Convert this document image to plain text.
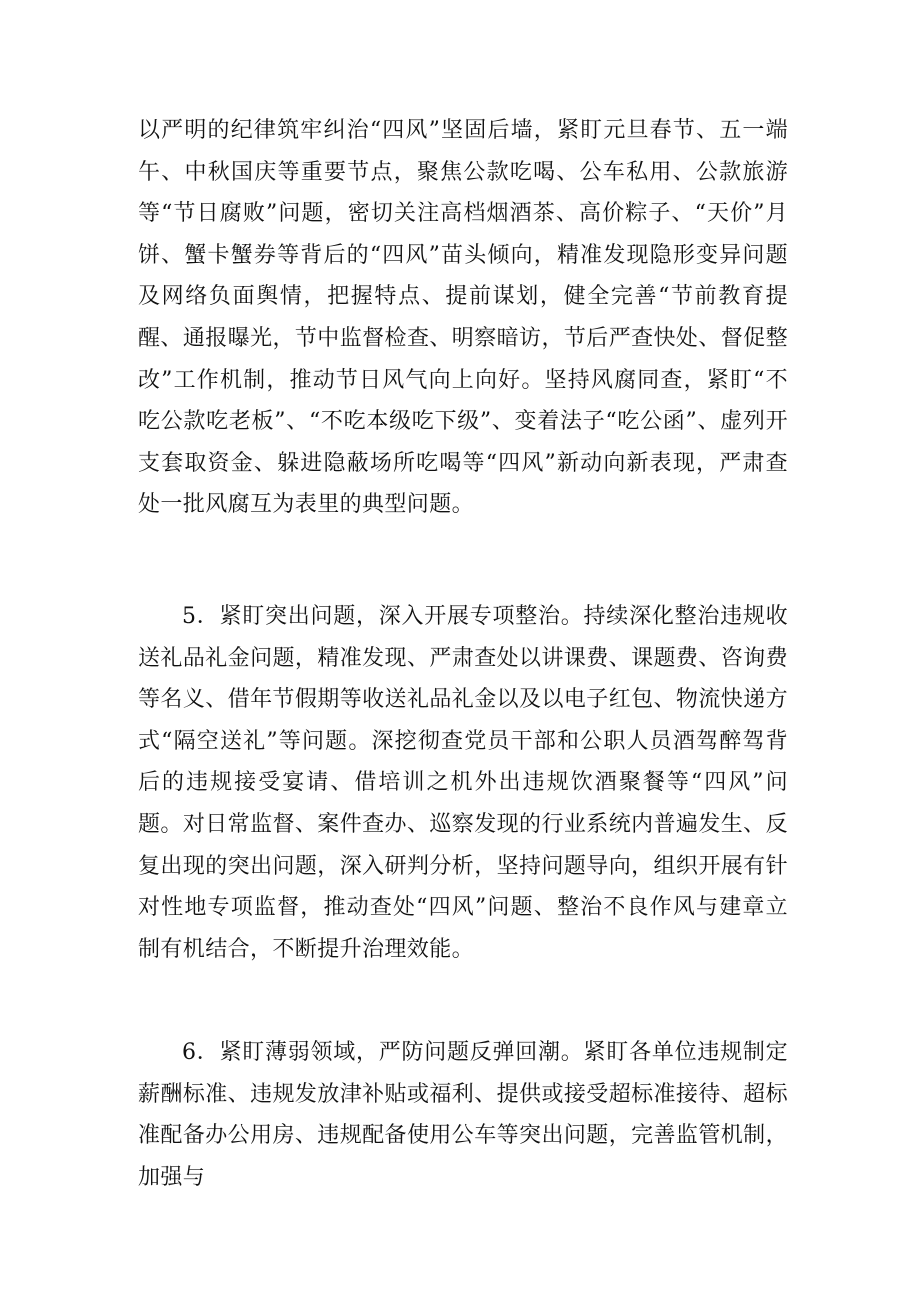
以严明的纪律筑牢纠治“四风”坚固后墙，紧盯元旦春节、五一端午、中秋国庆等重要节点，聚焦公款吃喝、公车私用、公款旅游等“节日腐败”问题，密切关注高档烟酒茶、高价粽子、“天价”月饼、蟹卡蟹券等背后的“四风”苗头倾向，精准发现隐形变异问题及网络负面舆情，把握特点、提前谋划，健全完善“节前教育提醒、通报曝光，节中监督检查、明察暗访，节后严查快处、督促整改”工作机制，推动节日风气向上向好。坚持风腐同查，紧盯“不吃公款吃老板”、“不吃本级吃下级”、变着法子“吃公函”、虚列开支套取资金、躲进隐蔽场所吃喝等“四风”新动向新表现，严肃查处一批风腐互为表里的典型问题。

5．紧盯突出问题，深入开展专项整治。持续深化整治违规收送礼品礼金问题，精准发现、严肃查处以讲课费、课题费、咨询费等名义、借年节假期等收送礼品礼金以及以电子红包、物流快递方式“隔空送礼”等问题。深挖彻查党员干部和公职人员酒驾醉驾背后的违规接受宴请、借培训之机外出违规饮酒聚餐等“四风”问题。对日常监督、案件查办、巡察发现的行业系统内普遍发生、反复出现的突出问题，深入研判分析，坚持问题导向，组织开展有针对性地专项监督，推动查处“四风”问题、整治不良作风与建章立制有机结合，不断提升治理效能。

6．紧盯薄弱领域，严防问题反弹回潮。紧盯各单位违规制定薪酬标准、违规发放津补贴或福利、提供或接受超标准接待、超标准配备办公用房、违规配备使用公车等突出问题，完善监管机制，加强与
